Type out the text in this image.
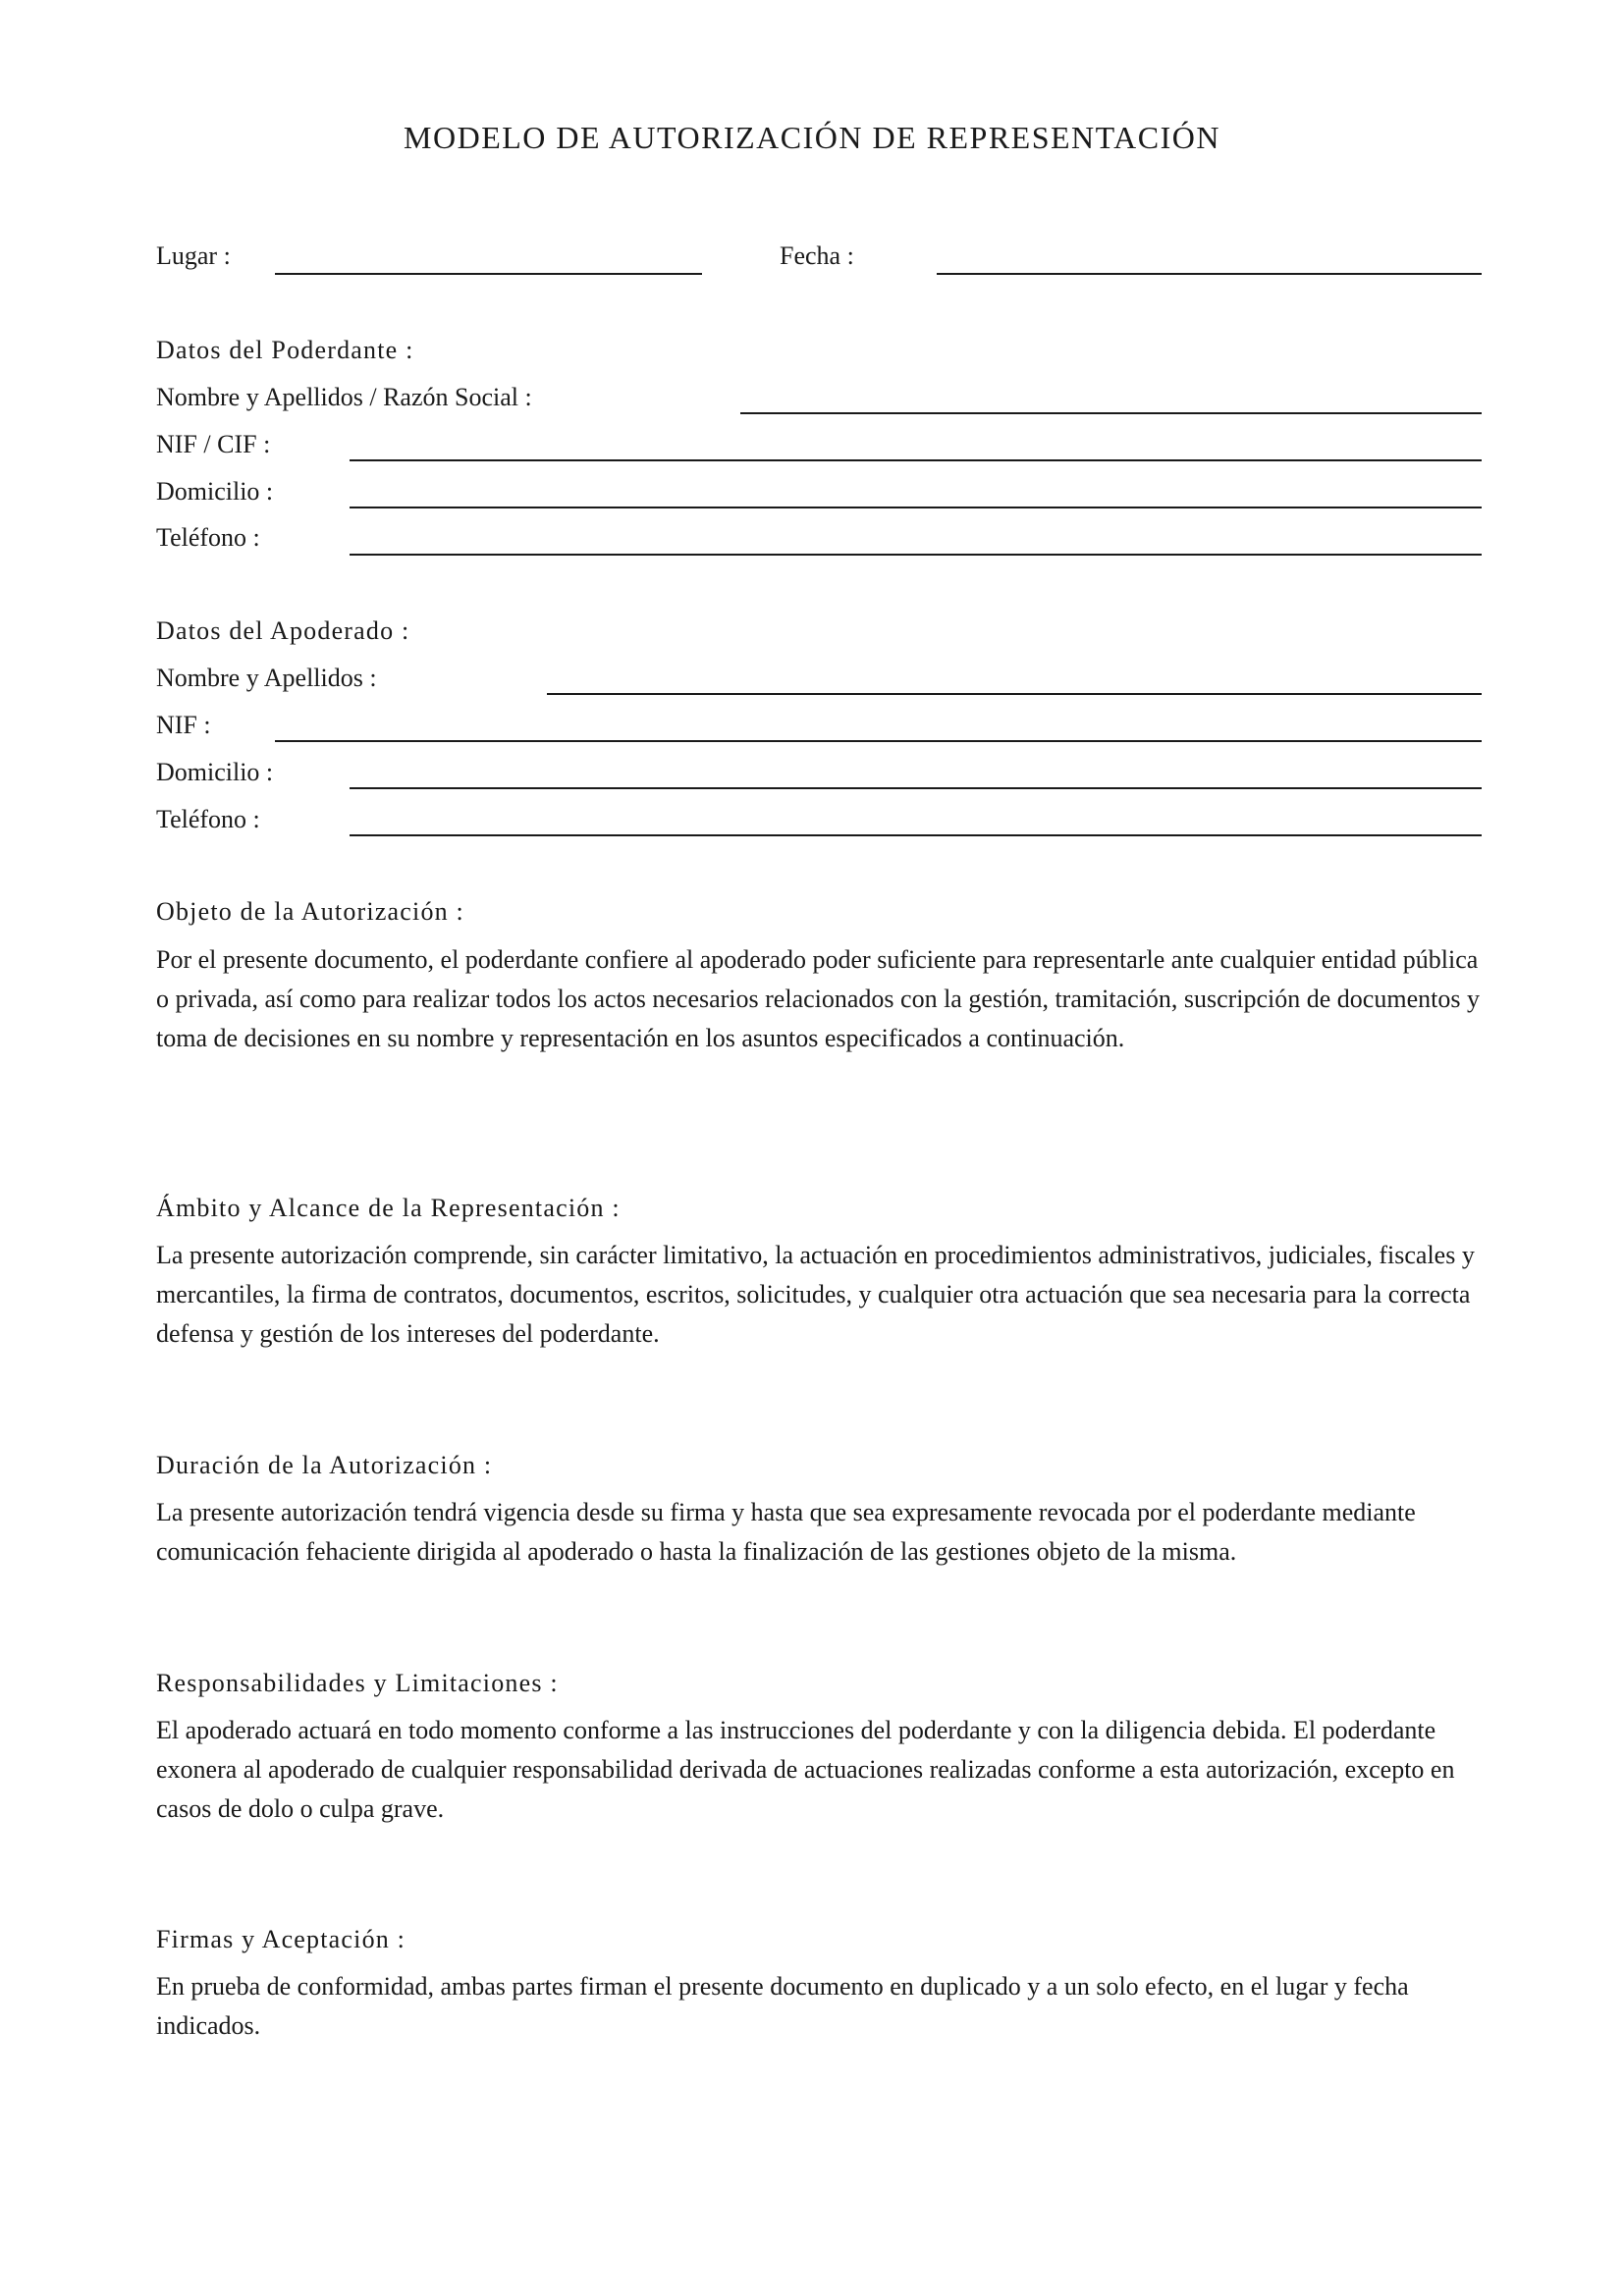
MODELO DE AUTORIZACIÓN DE REPRESENTACIÓN
Lugar :	Fecha :
Datos del Poderdante :
Nombre y Apellidos / Razón Social :
NIF / CIF :
Domicilio :
Teléfono :
Datos del Apoderado :
Nombre y Apellidos :
NIF :
Domicilio :
Teléfono :
Objeto de la Autorización :

Por el presente documento, el poderdante confiere al apoderado poder suficiente para representarle ante cualquier entidad pública o privada, así como para realizar todos los actos necesarios relacionados con la gestión, tramitación, suscripción de documentos y toma de decisiones en su nombre y representación en los asuntos especificados a continuación.

Ámbito y Alcance de la Representación :

La presente autorización comprende, sin carácter limitativo, la actuación en procedimientos administrativos, judiciales, fiscales y mercantiles, la firma de contratos, documentos, escritos, solicitudes, y cualquier otra actuación que sea necesaria para la correcta defensa y gestión de los intereses del poderdante.

Duración de la Autorización :

La presente autorización tendrá vigencia desde su firma y hasta que sea expresamente revocada por el poderdante mediante comunicación fehaciente dirigida al apoderado o hasta la finalización de las gestiones objeto de la misma.

Responsabilidades y Limitaciones :

El apoderado actuará en todo momento conforme a las instrucciones del poderdante y con la diligencia debida. El poderdante exonera al apoderado de cualquier responsabilidad derivada de actuaciones realizadas conforme a esta autorización, excepto en casos de dolo o culpa grave.

Firmas y Aceptación :

En prueba de conformidad, ambas partes firman el presente documento en duplicado y a un solo efecto, en el lugar y fecha indicados.
